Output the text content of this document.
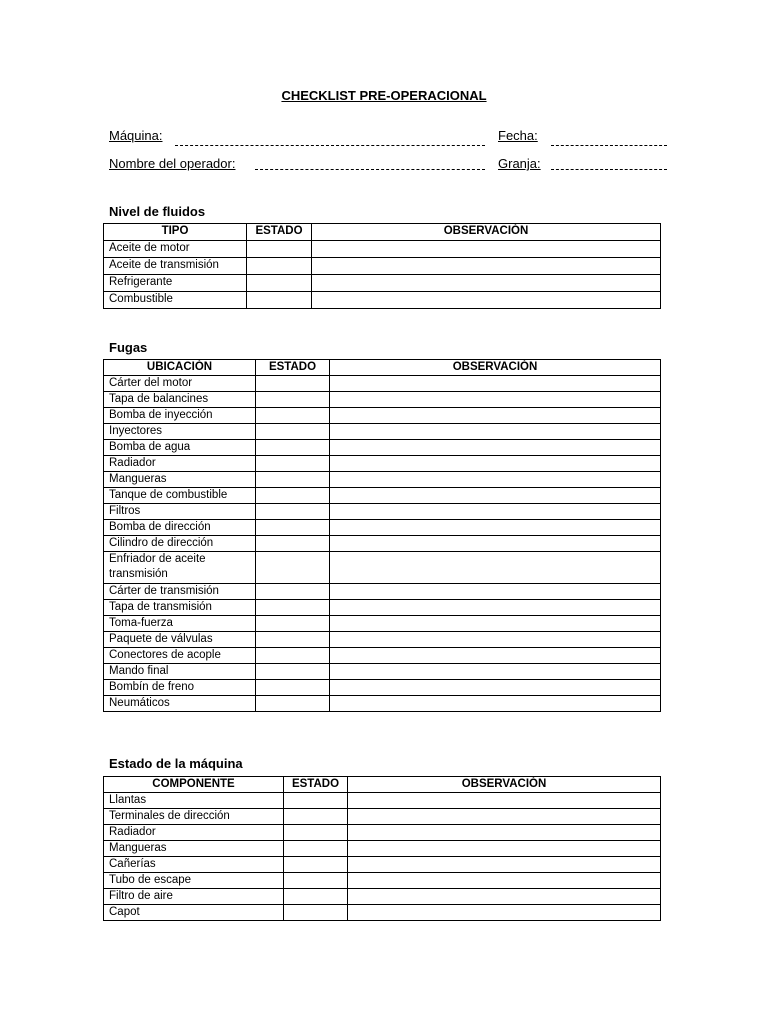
CHECKLIST PRE-OPERACIONAL
Máquina:	Fecha:
Nombre del operador:	Granja:
Nivel de fluidos
TIPO	ESTADO	OBSERVACIÓN
Aceite de motor		
Aceite de transmisión		
Refrigerante		
Combustible		
Fugas
UBICACIÓN	ESTADO	OBSERVACIÓN
Cárter del motor		
Tapa de balancines		
Bomba de inyección		
Inyectores		
Bomba de agua		
Radiador		
Mangueras		
Tanque de combustible		
Filtros		
Bomba de dirección		
Cilindro de dirección		
Enfriador de aceite transmisión		
Cárter de transmisión		
Tapa de transmisión		
Toma-fuerza		
Paquete de válvulas		
Conectores de acople		
Mando final		
Bombín de freno		
Neumáticos		
Estado de la máquina
COMPONENTE	ESTADO	OBSERVACIÓN
Llantas		
Terminales de dirección		
Radiador		
Mangueras		
Cañerías		
Tubo de escape		
Filtro de aire		
Capot		
